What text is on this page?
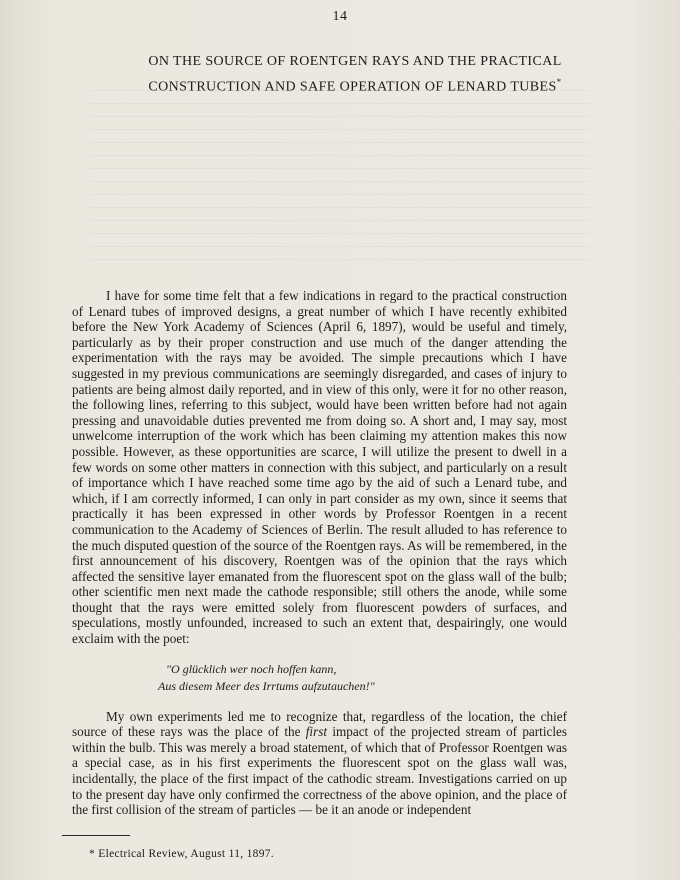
14
ON THE SOURCE OF ROENTGEN RAYS AND THE PRACTICAL
CONSTRUCTION AND SAFE OPERATION OF LENARD TUBES*

I have for some time felt that a few indications in regard to the practical construction of Lenard tubes of improved designs, a great number of which I have recently exhibited before the New York Academy of Sciences (April 6, 1897), would be useful and timely, particularly as by their proper construction and use much of the danger attending the experimentation with the rays may be avoided. The simple precautions which I have suggested in my previous communications are seemingly disregarded, and cases of injury to patients are being almost daily reported, and in view of this only, were it for no other reason, the following lines, referring to this subject, would have been written before had not again pressing and unavoidable duties prevented me from doing so. A short and, I may say, most unwelcome interruption of the work which has been claiming my attention makes this now possible. However, as these opportunities are scarce, I will utilize the present to dwell in a few words on some other matters in connection with this subject, and particularly on a result of importance which I have reached some time ago by the aid of such a Lenard tube, and which, if I am correctly informed, I can only in part consider as my own, since it seems that practically it has been expressed in other words by Professor Roentgen in a recent communication to the Academy of Sciences of Berlin. The result alluded to has reference to the much disputed question of the source of the Roentgen rays. As will be remembered, in the first announcement of his discovery, Roentgen was of the opinion that the rays which affected the sensitive layer emanated from the fluorescent spot on the glass wall of the bulb; other scientific men next made the cathode responsible; still others the anode, while some thought that the rays were emitted solely from fluorescent powders of surfaces, and speculations, mostly unfounded, increased to such an extent that, despairingly, one would exclaim with the poet:

"O glücklich wer noch hoffen kann,
Aus diesem Meer des Irrtums aufzutauchen!"

My own experiments led me to recognize that, regardless of the location, the chief source of these rays was the place of the first impact of the projected stream of particles within the bulb. This was merely a broad statement, of which that of Professor Roentgen was a special case, as in his first experiments the fluorescent spot on the glass wall was, incidentally, the place of the first impact of the cathodic stream. Investigations carried on up to the present day have only confirmed the correctness of the above opinion, and the place of the first collision of the stream of particles — be it an anode or independent

* Electrical Review, August 11, 1897.
